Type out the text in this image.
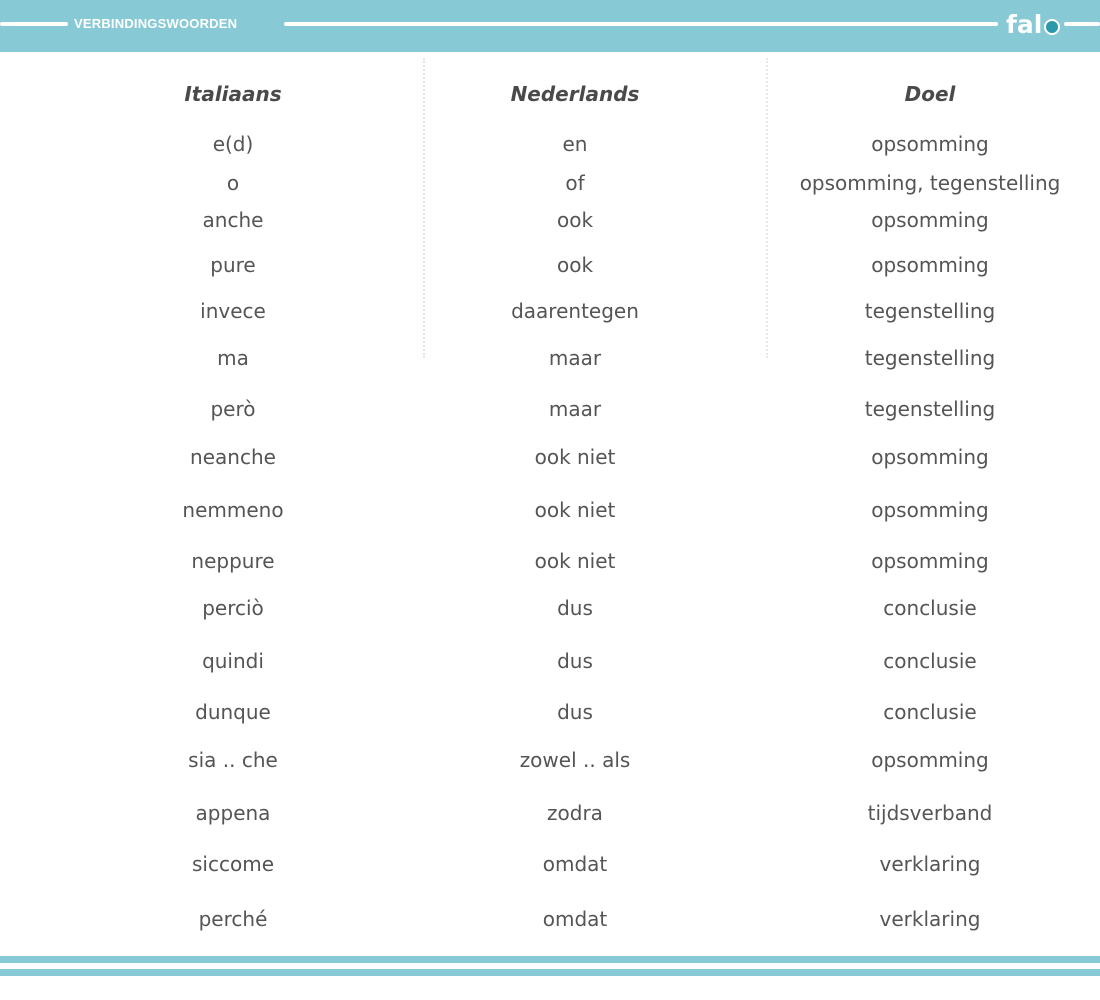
VERBINDINGSWOORDEN	fal
Italiaans	Nederlands	Doel
e(d)	en	opsomming
o	of	opsomming, tegenstelling
anche	ook	opsomming
pure	ook	opsomming
invece	daarentegen	tegenstelling
ma	maar	tegenstelling
però	maar	tegenstelling
neanche	ook niet	opsomming
nemmeno	ook niet	opsomming
neppure	ook niet	opsomming
perciò	dus	conclusie
quindi	dus	conclusie
dunque	dus	conclusie
sia .. che	zowel .. als	opsomming
appena	zodra	tijdsverband
siccome	omdat	verklaring
perché	omdat	verklaring
